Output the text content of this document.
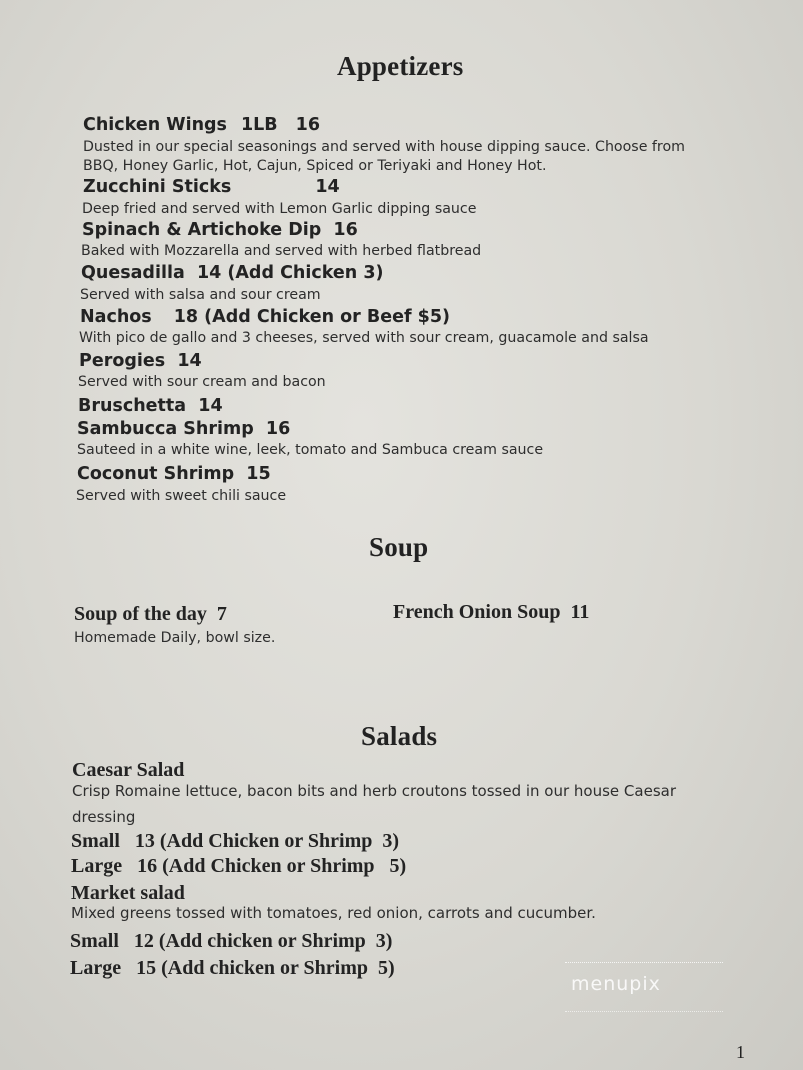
Appetizers
Chicken Wings 1LB 16
Dusted in our special seasonings and served with house dipping sauce. Choose from
BBQ, Honey Garlic, Hot, Cajun, Spiced or Teriyaki and Honey Hot.
Zucchini Sticks	14
Deep fried and served with Lemon Garlic dipping sauce
Spinach & Artichoke Dip  16
Baked with Mozzarella and served with herbed flatbread
Quesadilla  14 (Add Chicken 3)
Served with salsa and sour cream
Nachos 18 (Add Chicken or Beef $5)
With pico de gallo and 3 cheeses, served with sour cream, guacamole and salsa
Perogies  14
Served with sour cream and bacon
Bruschetta  14
Sambucca Shrimp  16
Sauteed in a white wine, leek, tomato and Sambuca cream sauce
Coconut Shrimp  15
Served with sweet chili sauce
Soup
Soup of the day  7
Homemade Daily, bowl size.
French Onion Soup  11
Salads
Caesar Salad
Crisp Romaine lettuce, bacon bits and herb croutons tossed in our house Caesar
dressing
Small   13 (Add Chicken or Shrimp  3)
Large   16 (Add Chicken or Shrimp   5)
Market salad
Mixed greens tossed with tomatoes, red onion, carrots and cucumber.
Small   12 (Add chicken or Shrimp  3)
Large   15 (Add chicken or Shrimp  5)
menupix
1
